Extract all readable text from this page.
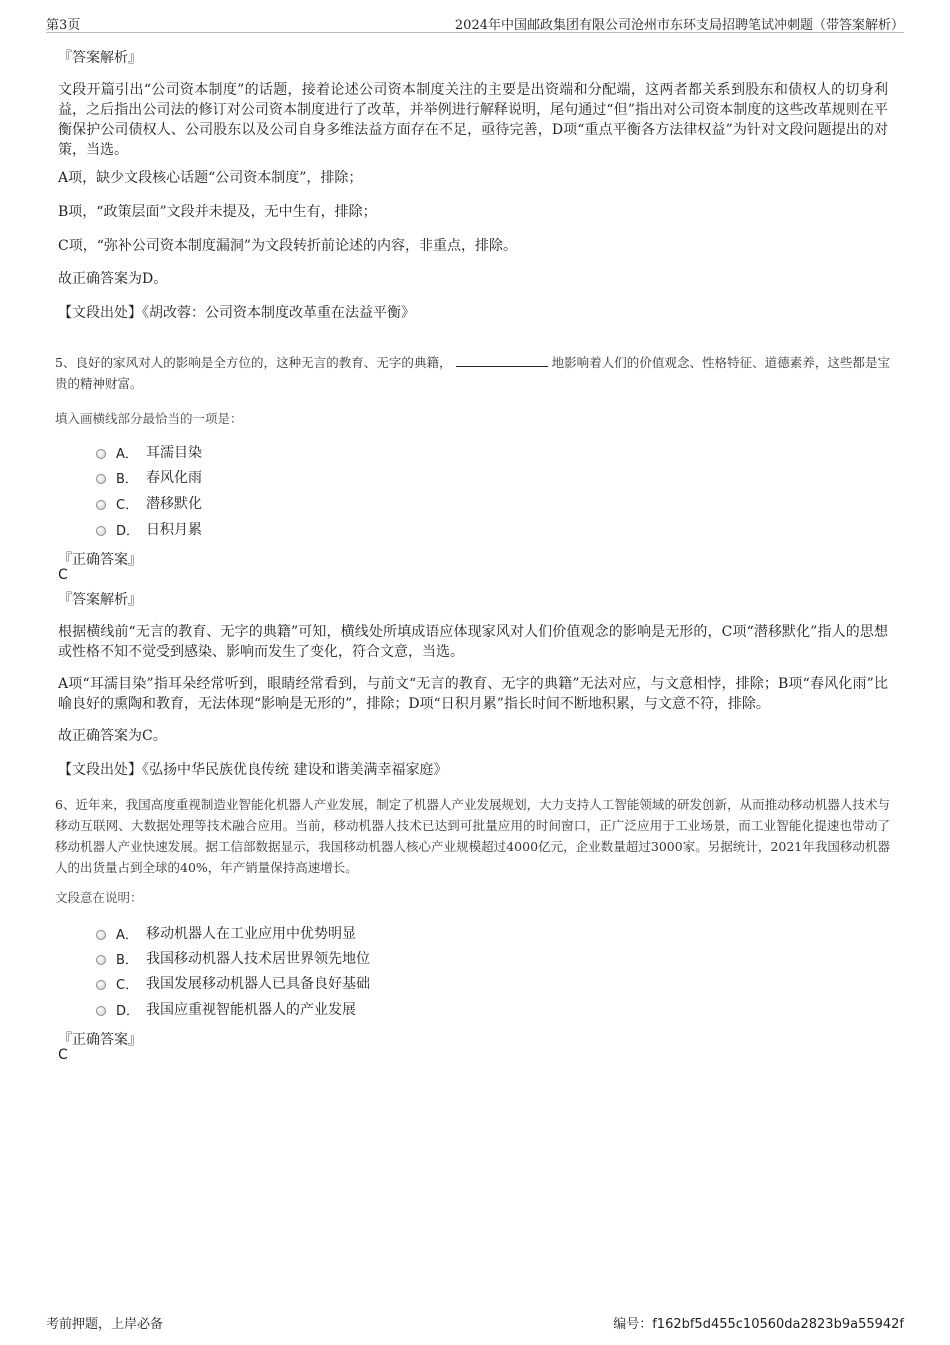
第3页	2024年中国邮政集团有限公司沧州市东环支局招聘笔试冲刺题（带答案解析）
『答案解析』
文段开篇引出“公司资本制度”的话题，接着论述公司资本制度关注的主要是出资端和分配端，这两者都关系到股东和债权人的切身利益，之后指出公司法的修订对公司资本制度进行了改革，并举例进行解释说明，尾句通过“但”指出对公司资本制度的这些改革规则在平衡保护公司债权人、公司股东以及公司自身多维法益方面存在不足，亟待完善，D项“重点平衡各方法律权益”为针对文段问题提出的对策，当选。
A项，缺少文段核心话题“公司资本制度”，排除；
B项，“政策层面”文段并未提及，无中生有，排除；
C项，“弥补公司资本制度漏洞”为文段转折前论述的内容，非重点，排除。
故正确答案为D。
【文段出处】《胡改蓉：公司资本制度改革重在法益平衡》
5、良好的家风对人的影响是全方位的，这种无言的教育、无字的典籍，	地影响着人们的价值观念、性格特征、道德素养，这些都是宝贵的精神财富。
填入画横线部分最恰当的一项是：
A． 耳濡目染
B． 春风化雨
C． 潜移默化
D． 日积月累
『正确答案』
C
『答案解析』
根据横线前“无言的教育、无字的典籍”可知，横线处所填成语应体现家风对人们价值观念的影响是无形的，C项“潜移默化”指人的思想或性格不知不觉受到感染、影响而发生了变化，符合文意，当选。
A项“耳濡目染”指耳朵经常听到，眼睛经常看到，与前文“无言的教育、无字的典籍”无法对应，与文意相悖，排除；B项“春风化雨”比喻良好的熏陶和教育，无法体现“影响是无形的”，排除；D项“日积月累”指长时间不断地积累，与文意不符，排除。
故正确答案为C。
【文段出处】《弘扬中华民族优良传统 建设和谐美满幸福家庭》
6、近年来，我国高度重视制造业智能化机器人产业发展，制定了机器人产业发展规划，大力支持人工智能领域的研发创新，从而推动移动机器人技术与移动互联网、大数据处理等技术融合应用。当前，移动机器人技术已达到可批量应用的时间窗口，正广泛应用于工业场景，而工业智能化提速也带动了移动机器人产业快速发展。据工信部数据显示，我国移动机器人核心产业规模超过4000亿元，企业数量超过3000家。另据统计，2021年我国移动机器人的出货量占到全球的40%，年产销量保持高速增长。
文段意在说明：
A． 移动机器人在工业应用中优势明显
B． 我国移动机器人技术居世界领先地位
C． 我国发展移动机器人已具备良好基础
D． 我国应重视智能机器人的产业发展
『正确答案』
C
考前押题，上岸必备	编号：f162bf5d455c10560da2823b9a55942f
